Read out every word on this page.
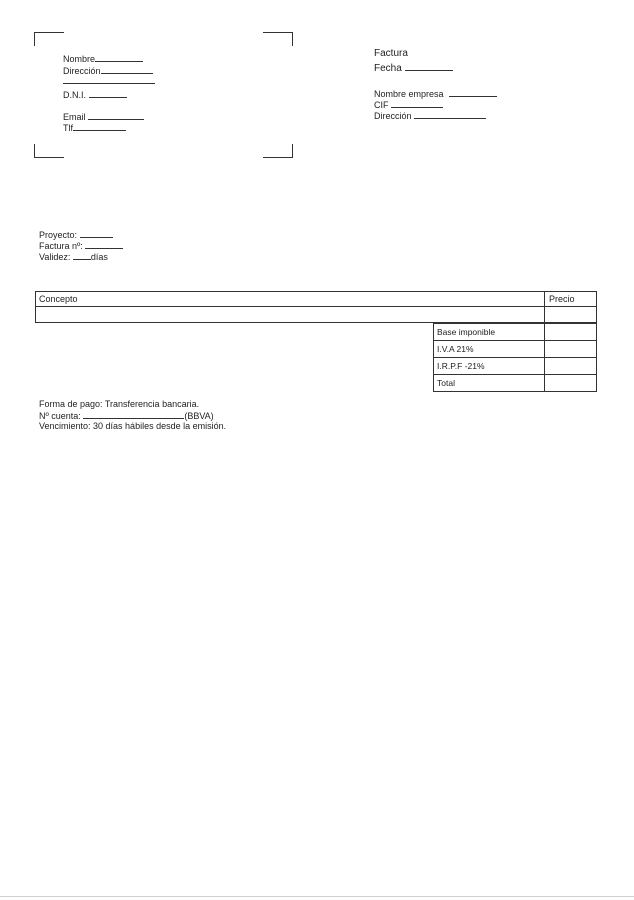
Nombre
Dirección
D.N.I.
Email
Tlf
Factura
Fecha
Nombre empresa
CIF
Dirección
Proyecto:
Factura nº:
Validez: días
Concepto	Precio
Base imponible	
I.V.A 21%	
I.R.P.F -21%	
Total	
Forma de pago: Transferencia bancaria.
Nº cuenta:	(BBVA)
Vencimiento: 30 días hábiles desde la emisión.
